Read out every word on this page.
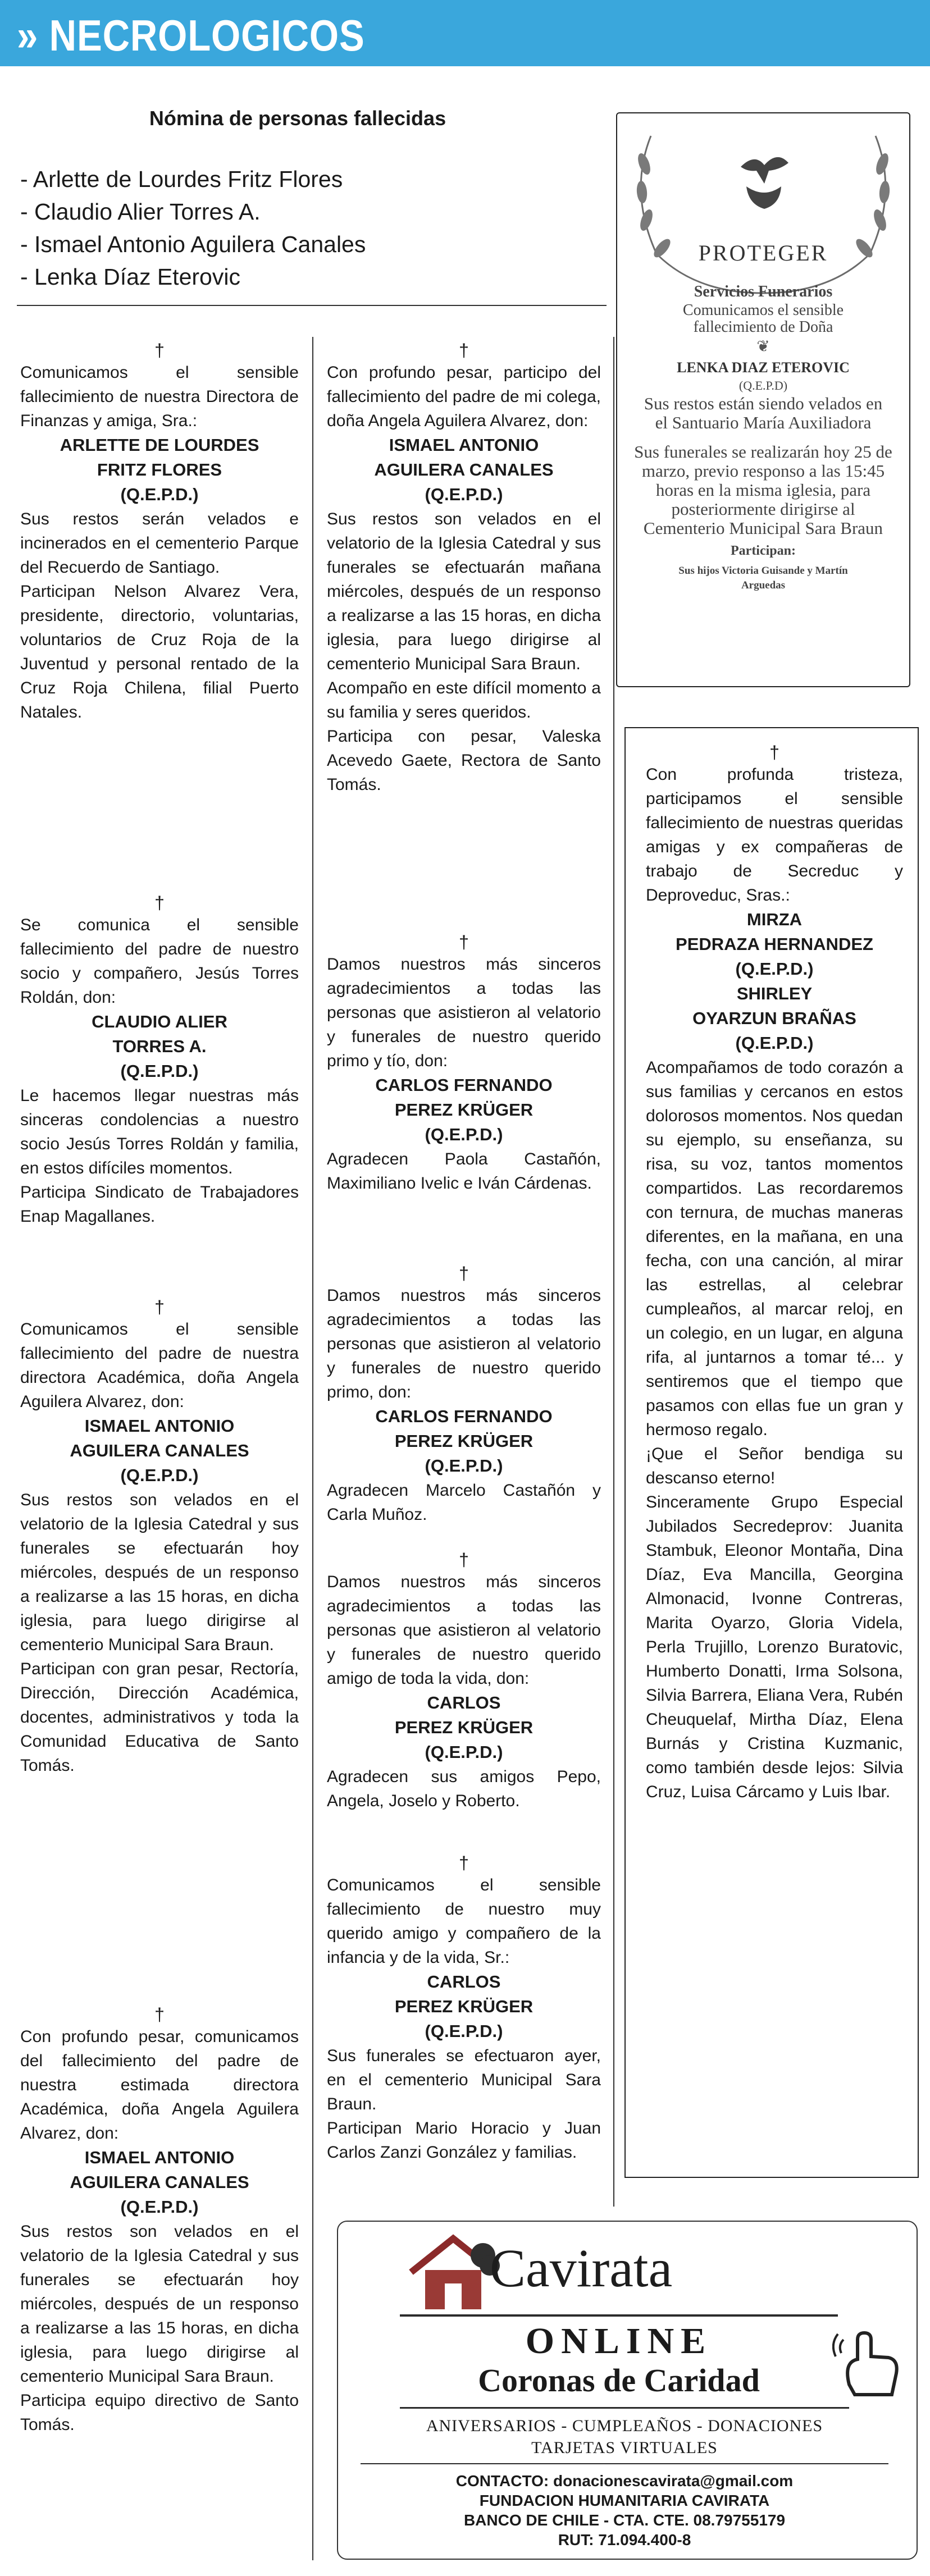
» NECROLOGICOS
Nómina de personas fallecidas
- Arlette de Lourdes Fritz Flores
- Claudio Alier Torres A.
- Ismael Antonio Aguilera Canales
- Lenka Díaz Eterovic

†

Comunicamos el sensible fallecimiento de nuestra Directora de Finanzas y amiga, Sra.:

ARLETTE DE LOURDES
FRITZ FLORES
(Q.E.P.D.)

Sus restos serán velados e incinerados en el cementerio Parque del Recuerdo de Santiago.

Participan Nelson Alvarez Vera, presidente, directorio, voluntarias, voluntarios de Cruz Roja de la Juventud y personal rentado de la Cruz Roja Chilena, filial Puerto Natales.

†

Se comunica el sensible fallecimiento del padre de nuestro socio y compañero, Jesús Torres Roldán, don:

CLAUDIO ALIER
TORRES A.
(Q.E.P.D.)

Le hacemos llegar nuestras más sinceras condolencias a nuestro socio Jesús Torres Roldán y familia, en estos difíciles momentos.

Participa Sindicato de Trabajadores Enap Magallanes.

†

Comunicamos el sensible fallecimiento del padre de nuestra directora Académica, doña Angela Aguilera Alvarez, don:

ISMAEL ANTONIO
AGUILERA CANALES
(Q.E.P.D.)

Sus restos son velados en el velatorio de la Iglesia Catedral y sus funerales se efectuarán hoy miércoles, después de un responso a realizarse a las 15 horas, en dicha iglesia, para luego dirigirse al cementerio Municipal Sara Braun.

Participan con gran pesar, Rectoría, Dirección, Dirección Académica, docentes, administrativos y toda la Comunidad Educativa de Santo Tomás.

†

Con profundo pesar, comunicamos del fallecimiento del padre de nuestra estimada directora Académica, doña Angela Aguilera Alvarez, don:

ISMAEL ANTONIO
AGUILERA CANALES
(Q.E.P.D.)

Sus restos son velados en el velatorio de la Iglesia Catedral y sus funerales se efectuarán hoy miércoles, después de un responso a realizarse a las 15 horas, en dicha iglesia, para luego dirigirse al cementerio Municipal Sara Braun.

Participa equipo directivo de Santo Tomás.

†

Con profundo pesar, participo del fallecimiento del padre de mi colega, doña Angela Aguilera Alvarez, don:

ISMAEL ANTONIO
AGUILERA CANALES
(Q.E.P.D.)

Sus restos son velados en el velatorio de la Iglesia Catedral y sus funerales se efectuarán mañana miércoles, después de un responso a realizarse a las 15 horas, en dicha iglesia, para luego dirigirse al cementerio Municipal Sara Braun.

Acompaño en este difícil momento a su familia y seres queridos.

Participa con pesar, Valeska Acevedo Gaete, Rectora de Santo Tomás.

†

Damos nuestros más sinceros agradecimientos a todas las personas que asistieron al velatorio y funerales de nuestro querido primo y tío, don:

CARLOS FERNANDO
PEREZ KRÜGER
(Q.E.P.D.)

Agradecen Paola Castañón, Maximiliano Ivelic e Iván Cárdenas.

†

Damos nuestros más sinceros agradecimientos a todas las personas que asistieron al velatorio y funerales de nuestro querido primo, don:

CARLOS FERNANDO
PEREZ KRÜGER
(Q.E.P.D.)

Agradecen Marcelo Castañón y Carla Muñoz.

†

Damos nuestros más sinceros agradecimientos a todas las personas que asistieron al velatorio y funerales de nuestro querido amigo de toda la vida, don:

CARLOS
PEREZ KRÜGER
(Q.E.P.D.)

Agradecen sus amigos Pepo, Angela, Joselo y Roberto.

†

Comunicamos el sensible fallecimiento de nuestro muy querido amigo y compañero de la infancia y de la vida, Sr.:

CARLOS
PEREZ KRÜGER
(Q.E.P.D.)

Sus funerales se efectuaron ayer, en el cementerio Municipal Sara Braun.

Participan Mario Horacio y Juan Carlos Zanzi González y familias.

PROTEGER
Servicios Funerarios
Comunicamos el sensible fallecimiento de Doña
❦
LENKA DIAZ ETEROVIC
(Q.E.P.D)
Sus restos están siendo velados en el Santuario María Auxiliadora
Sus funerales se realizarán hoy 25 de marzo, previo responso a las 15:45 horas en la misma iglesia, para posteriormente dirigirse al Cementerio Municipal Sara Braun
Participan:
Sus hijos Victoria Guisande y Martín Arguedas

†

Con profunda tristeza, participamos el sensible fallecimiento de nuestras queridas amigas y ex compañeras de trabajo de Secreduc y Deproveduc, Sras.:

MIRZA
PEDRAZA HERNANDEZ
(Q.E.P.D.)
SHIRLEY
OYARZUN BRAÑAS
(Q.E.P.D.)

Acompañamos de todo corazón a sus familias y cercanos en estos dolorosos momentos. Nos quedan su ejemplo, su enseñanza, su risa, su voz, tantos momentos compartidos. Las recordaremos con ternura, de muchas maneras diferentes, en la mañana, en una fecha, con una canción, al mirar las estrellas, al celebrar cumpleaños, al marcar reloj, en un colegio, en un lugar, en alguna rifa, al juntarnos a tomar té... y sentiremos que el tiempo que pasamos con ellas fue un gran y hermoso regalo.

¡Que el Señor bendiga su descanso eterno!

Sinceramente Grupo Especial Jubilados Secredeprov: Juanita Stambuk, Eleonor Montaña, Dina Díaz, Eva Mancilla, Georgina Almonacid, Ivonne Contreras, Marita Oyarzo, Gloria Videla, Perla Trujillo, Lorenzo Buratovic, Humberto Donatti, Irma Solsona, Silvia Barrera, Eliana Vera, Rubén Cheuquelaf, Mirtha Díaz, Elena Burnás y Cristina Kuzmanic, como también desde lejos: Silvia Cruz, Luisa Cárcamo y Luis Ibar.

Cavirata
ONLINE
Coronas de Caridad
ANIVERSARIOS - CUMPLEAÑOS - DONACIONES
TARJETAS VIRTUALES
CONTACTO: donacionescavirata@gmail.com
FUNDACION HUMANITARIA CAVIRATA
BANCO DE CHILE - CTA. CTE. 08.79755179
RUT: 71.094.400-8
